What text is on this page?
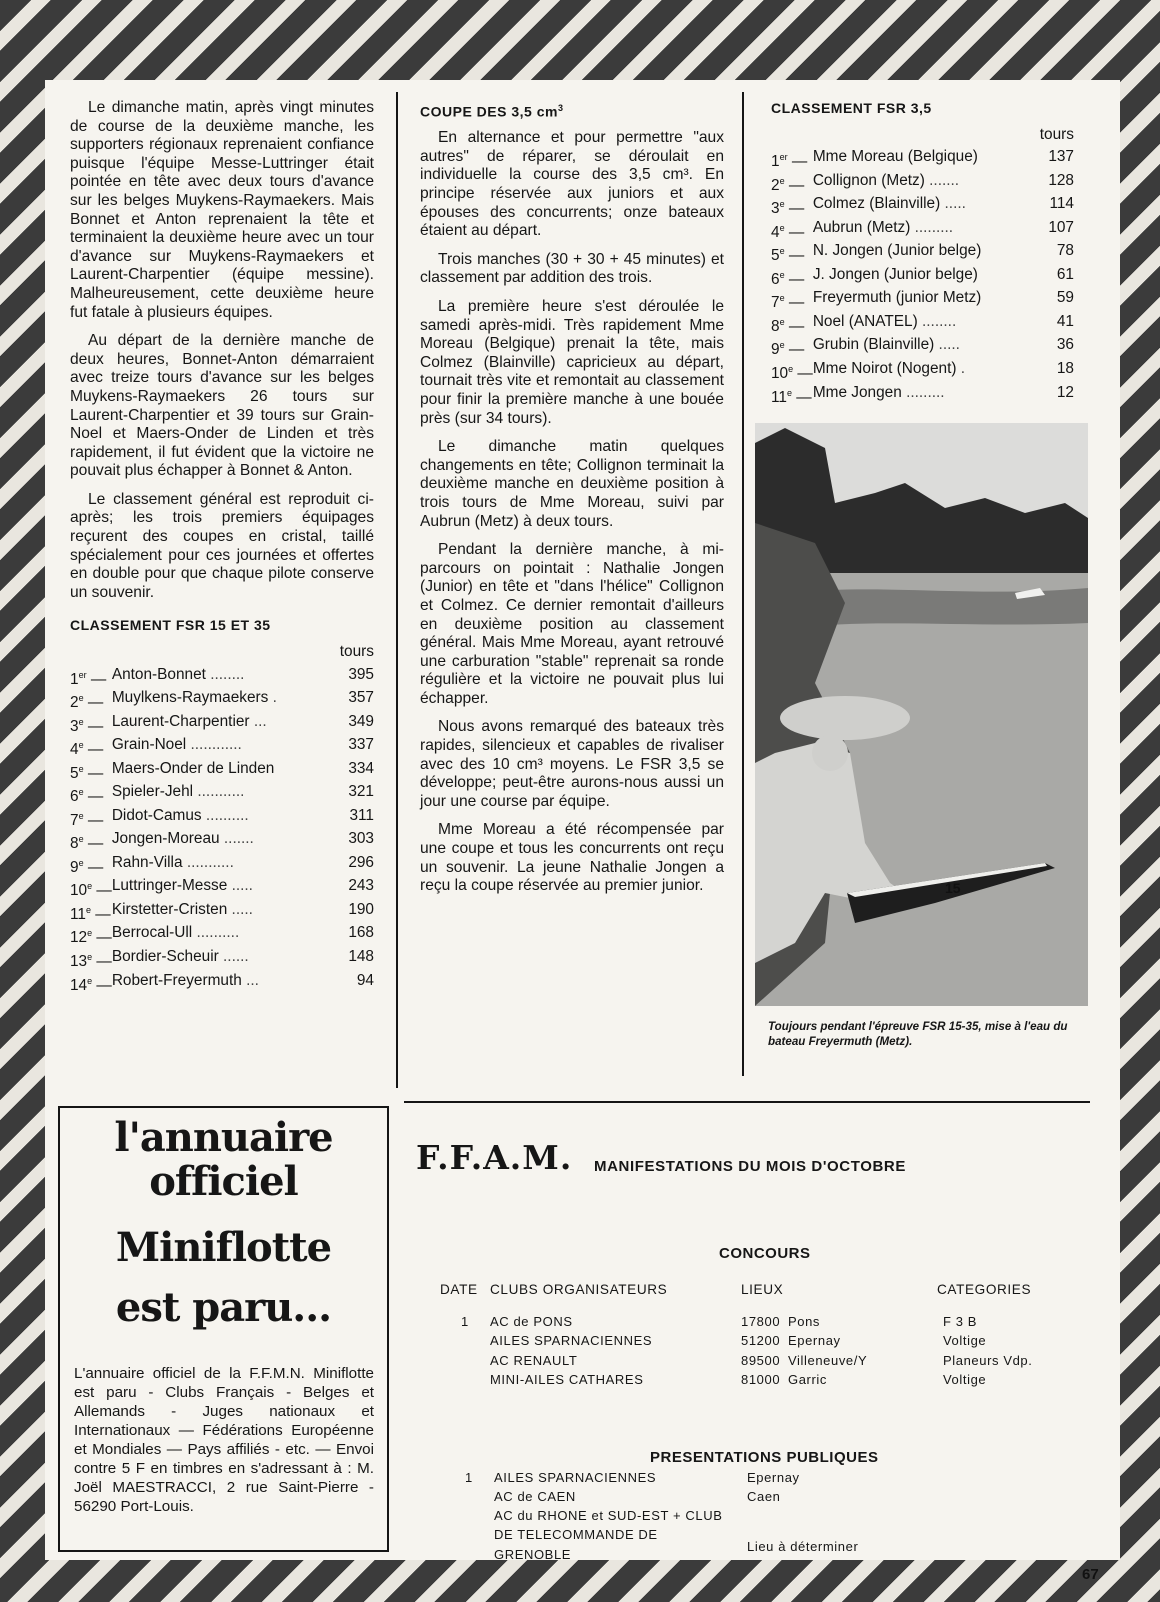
Le dimanche matin, après vingt minutes de course de la deuxième manche, les supporters régionaux reprenaient confiance puisque l'équipe Messe-Luttringer était pointée en tête avec deux tours d'avance sur les belges Muykens-Raymaekers. Mais Bonnet et Anton reprenaient la tête et terminaient la deuxième heure avec un tour d'avance sur Muykens-Raymaekers et Laurent-Charpentier (équipe messine). Malheureusement, cette deuxième heure fut fatale à plusieurs équipes.

Au départ de la dernière manche de deux heures, Bonnet-Anton démarraient avec treize tours d'avance sur les belges Muykens-Raymaekers 26 tours sur Laurent-Charpentier et 39 tours sur Grain-Noel et Maers-Onder de Linden et très rapidement, il fut évident que la victoire ne pouvait plus échapper à Bonnet & Anton.

Le classement général est reproduit ci-après; les trois premiers équipages reçurent des coupes en cristal, taillé spécialement pour ces journées et offertes en double pour que chaque pilote conserve un souvenir.

CLASSEMENT FSR 15 ET 35
tours
1er —	Anton-Bonnet ........	395
2e —	Muylkens-Raymaekers .	357
3e —	Laurent-Charpentier ...	349
4e —	Grain-Noel ............	337
5e —	Maers-Onder de Linden	334
6e —	Spieler-Jehl ...........	321
7e —	Didot-Camus ..........	311
8e —	Jongen-Moreau .......	303
9e —	Rahn-Villa ...........	296
10e —	Luttringer-Messe .....	243
11e —	Kirstetter-Cristen .....	190
12e —	Berrocal-Ull ..........	168
13e —	Bordier-Scheuir ......	148
14e —	Robert-Freyermuth ...	94
COUPE DES 3,5 $cm^3$

En alternance et pour permettre "aux autres" de réparer, se déroulait en individuelle la course des 3,5 cm³. En principe réservée aux juniors et aux épouses des concurrents; onze bateaux étaient au départ.

Trois manches (30 + 30 + 45 minutes) et classement par addition des trois.

La première heure s'est déroulée le samedi après-midi. Très rapidement Mme Moreau (Belgique) prenait la tête, mais Colmez (Blainville) capricieux au départ, tournait très vite et remontait au classement pour finir la première manche à une bouée près (sur 34 tours).

Le dimanche matin quelques changements en tête; Collignon terminait la deuxième manche en deuxième position à trois tours de Mme Moreau, suivi par Aubrun (Metz) à deux tours.

Pendant la dernière manche, à mi-parcours on pointait : Nathalie Jongen (Junior) en tête et "dans l'hélice" Collignon et Colmez. Ce dernier remontait d'ailleurs en deuxième position au classement général. Mais Mme Moreau, ayant retrouvé une carburation "stable" reprenait sa ronde régulière et la victoire ne pouvait plus lui échapper.

Nous avons remarqué des bateaux très rapides, silencieux et capables de rivaliser avec des 10 cm³ moyens. Le FSR 3,5 se développe; peut-être aurons-nous aussi un jour une course par équipe.

Mme Moreau a été récompensée par une coupe et tous les concurrents ont reçu un souvenir. La jeune Nathalie Jongen a reçu la coupe réservée au premier junior.

CLASSEMENT FSR 3,5
tours
1er —	Mme Moreau (Belgique)	137
2e —	Collignon (Metz) .......	128
3e —	Colmez (Blainville) .....	114
4e —	Aubrun (Metz) .........	107
5e —	N. Jongen (Junior belge)	78
6e —	J. Jongen (Junior belge)	61
7e —	Freyermuth (junior Metz)	59
8e —	Noel (ANATEL) ........	41
9e —	Grubin (Blainville) .....	36
10e —	Mme Noirot (Nogent) .	18
11e —	Mme Jongen .........	12
15
Toujours pendant l'épreuve FSR 15-35, mise à l'eau du bateau Freyermuth (Metz).
l'annuaire
officiel
Miniflotte
est paru...

L'annuaire officiel de la F.F.M.N. Miniflotte est paru - Clubs Français - Belges et Allemands - Juges nationaux et Internationaux — Fédérations Européenne et Mondiales — Pays affiliés - etc. — Envoi contre 5 F en timbres en s'adressant à : M. Joël MAESTRACCI, 2 rue Saint-Pierre - 56290 Port-Louis.

F.F.A.M. MANIFESTATIONS DU MOIS D'OCTOBRE
CONCOURS
DATE CLUBS ORGANISATEURS	LIEUX	CATEGORIES
1 AC de PONS	17800 Pons	F 3 B
AILES SPARNACIENNES	51200 Epernay	Voltige
AC RENAULT	89500 Villeneuve/Y	Planeurs Vdp.
MINI-AILES CATHARES	81000 Garric	Voltige
PRESENTATIONS PUBLIQUES
1 AILES SPARNACIENNES	Epernay
AC de CAEN	Caen
AC du RHONE et SUD-EST + CLUB DE TELECOMMANDE DE GRENOBLE
Lieu à déterminer
67
